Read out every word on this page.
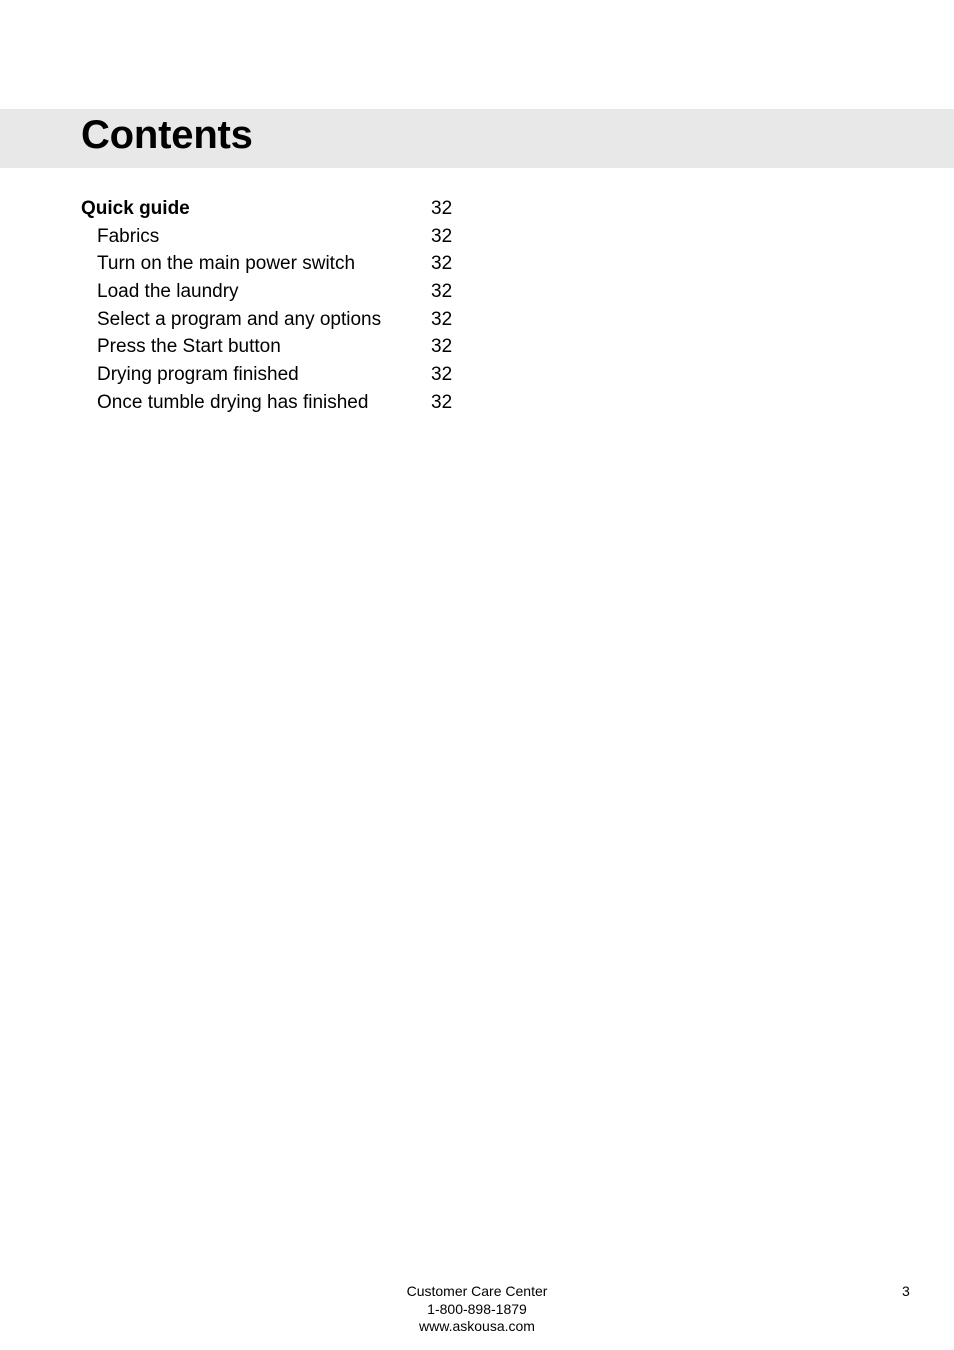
Contents
Quick guide	32
Fabrics	32
Turn on the main power switch	32
Load the laundry	32
Select a program and any options	32
Press the Start button	32
Drying program finished	32
Once tumble drying has finished	32
Customer Care Center
1-800-898-1879
www.askousa.com
3
